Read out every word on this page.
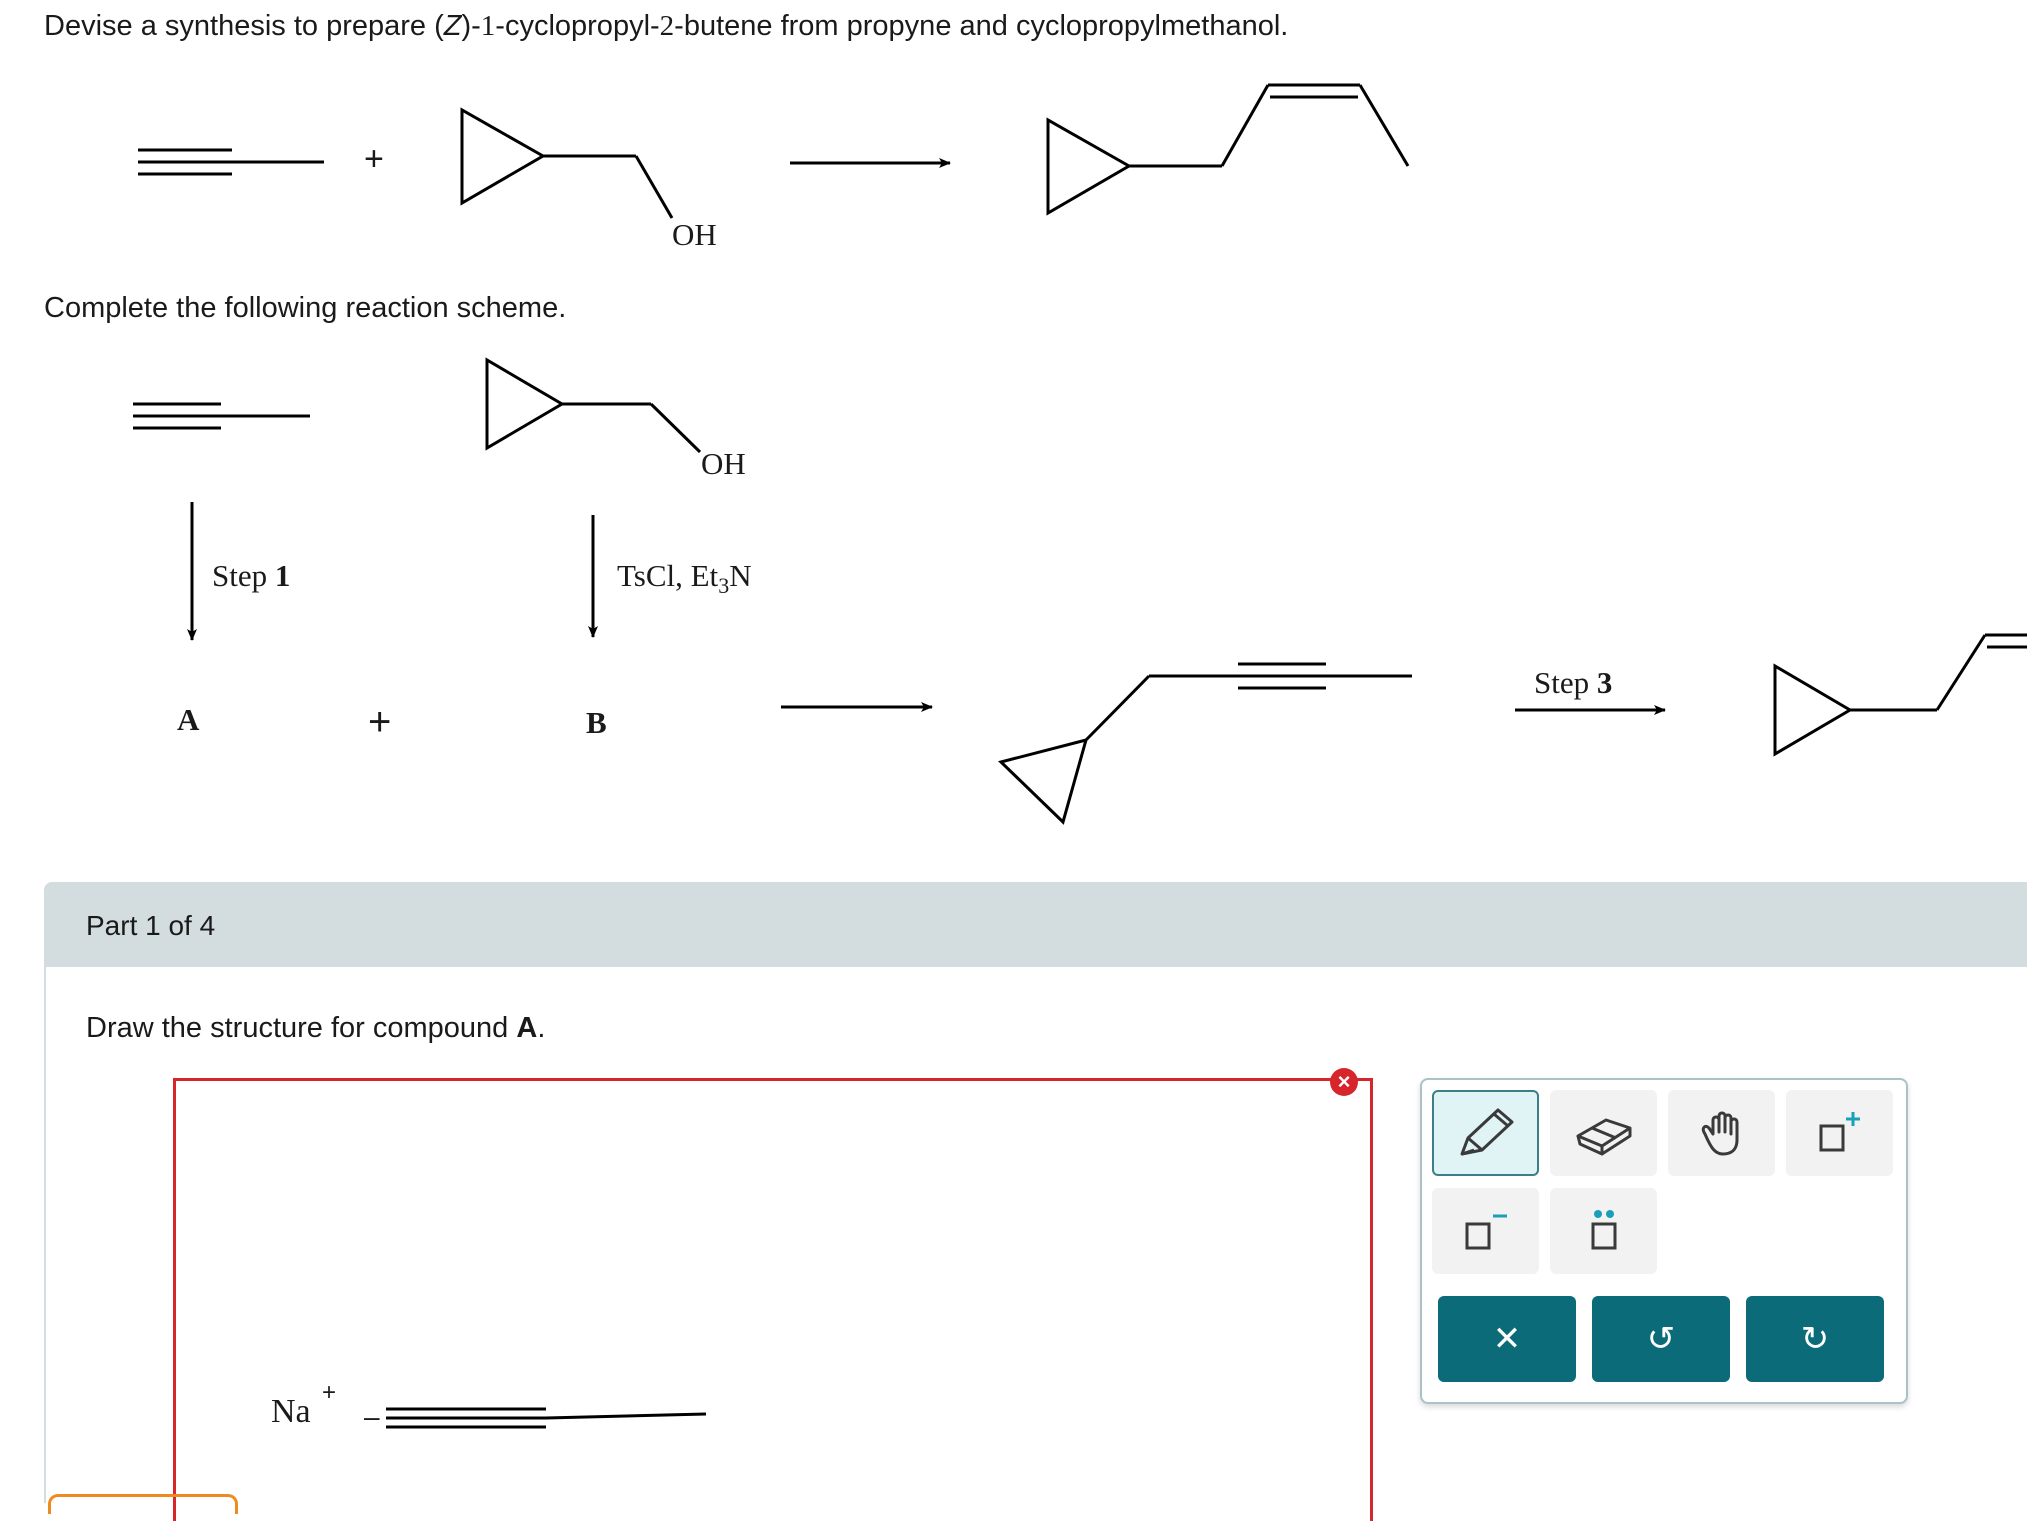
Devise a synthesis to prepare (Z)-1-cyclopropyl-2-butene from propyne and cyclopropylmethanol.
+
OH
Complete the following reaction scheme.
OH
Step 1	TsCl, $Et_3N$
A	+	B
Step 3
Part 1 of 4
Draw the structure for compound A.
Na
+
–
×
✕	↺	↻
